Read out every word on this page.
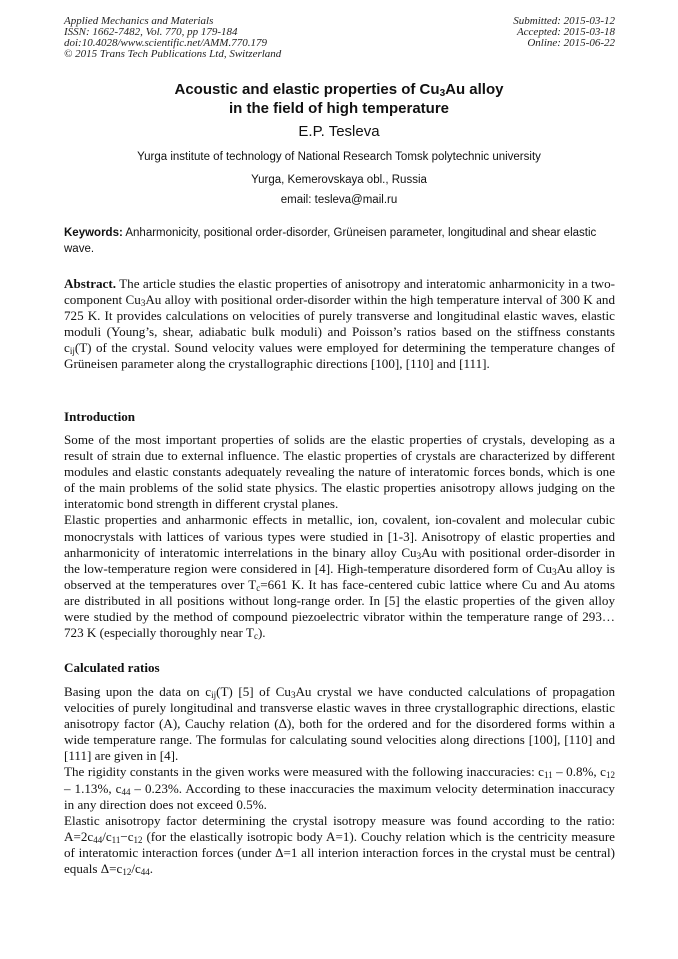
Applied Mechanics and Materials
ISSN: 1662-7482, Vol. 770, pp 179-184
doi:10.4028/www.scientific.net/AMM.770.179
© 2015 Trans Tech Publications Ltd, Switzerland
Submitted: 2015-03-12
Accepted: 2015-03-18
Online: 2015-06-22
Acoustic and elastic properties of $Cu_3Au$ alloy
in the field of high temperature
E.P. Tesleva
Yurga institute of technology of National Research Tomsk polytechnic university
Yurga, Kemerovskaya obl., Russia
email: tesleva@mail.ru
Keywords: Anharmonicity, positional order-disorder, Grüneisen parameter, longitudinal and shear elastic wave.
Abstract. The article studies the elastic properties of anisotropy and interatomic anharmonicity in a two-component $Cu_3Au$ alloy with positional order-disorder within the high temperature interval of 300 K and 725 K. It provides calculations on velocities of purely transverse and longitudinal elastic waves, elastic moduli (Young’s, shear, adiabatic bulk moduli) and Poisson’s ratios based on the stiffness constants $c_{ij}(T)$ of the crystal. Sound velocity values were employed for determining the temperature changes of Grüneisen parameter along the crystallographic directions [100], [110] and [111].
Introduction

Some of the most important properties of solids are the elastic properties of crystals, developing as a result of strain due to external influence. The elastic properties of crystals are characterized by different modules and elastic constants adequately revealing the nature of interatomic forces bonds, which is one of the main problems of the solid state physics. The elastic properties anisotropy allows judging on the interatomic bond strength in different crystal planes.

Elastic properties and anharmonic effects in metallic, ion, covalent, ion-covalent and molecular cubic monocrystals with lattices of various types were studied in [1-3]. Anisotropy of elastic properties and anharmonicity of interatomic interrelations in the binary alloy $Cu_3Au$ with positional order-disorder in the low-temperature region were considered in [4]. High-temperature disordered form of $Cu_3Au$ alloy is observed at the temperatures over $T_c=661$ K. It has face-centered cubic lattice where Cu and Au atoms are distributed in all positions without long-range order. In [5] the elastic properties of the given alloy were studied by the method of compound piezoelectric vibrator within the temperature range of 293…723 K (especially thoroughly near $T_c$).

Calculated ratios

Basing upon the data on $c_{ij}(T)$ [5] of $Cu_3Au$ crystal we have conducted calculations of propagation velocities of purely longitudinal and transverse elastic waves in three crystallographic directions, elastic anisotropy factor (A), Cauchy relation (Δ), both for the ordered and for the disordered forms within a wide temperature range. The formulas for calculating sound velocities along directions [100], [110] and [111] are given in [4].

The rigidity constants in the given works were measured with the following inaccuracies: $c_{11} - 0.8\%$, $c_{12} - 1.13\%$, $c_{44} - 0.23\%$. According to these inaccuracies the maximum velocity determination inaccuracy in any direction does not exceed 0.5%.

Elastic anisotropy factor determining the crystal isotropy measure was found according to the ratio: $A=2c_{44}/c_{11}-c_{12}$ (for the elastically isotropic body A=1). Couchy relation which is the centricity measure of interatomic interaction forces (under Δ=1 all interion interaction forces in the crystal must be central) equals $\Delta=c_{12}/c_{44}$.
